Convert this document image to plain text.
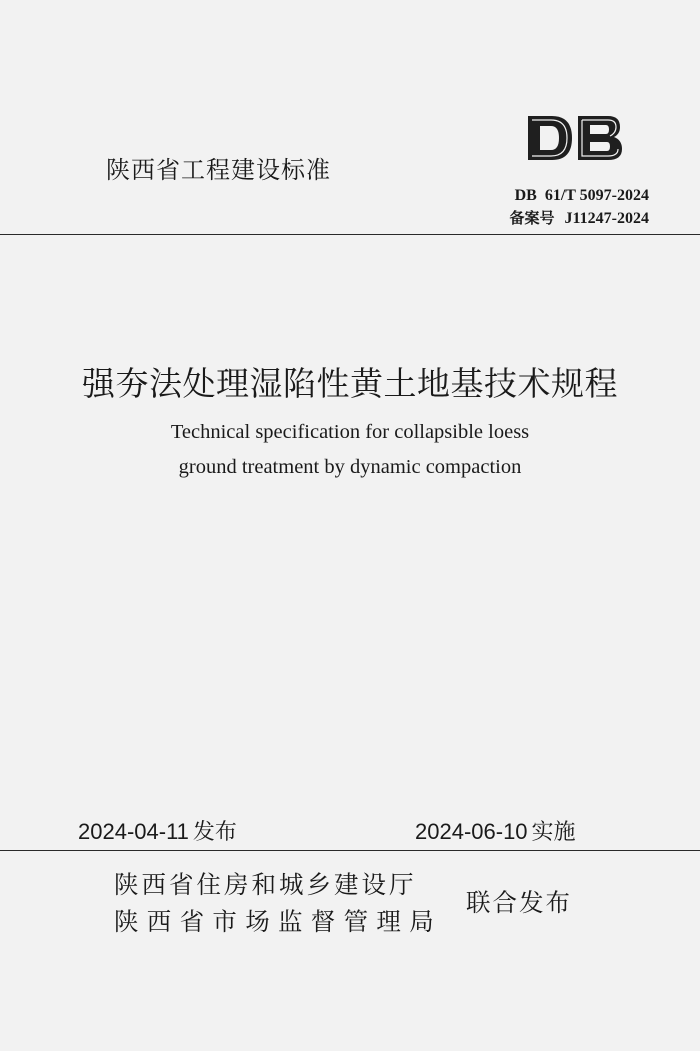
陕西省工程建设标准
DB  61/T 5097-2024
备案号 J11247-2024
强夯法处理湿陷性黄土地基技术规程
Technical specification for collapsible loess
ground treatment by dynamic compaction
2024-04-11 发布	2024-06-10 实施
陕西省住房和城乡建设厅
陕西省市场监督管理局
联合发布
